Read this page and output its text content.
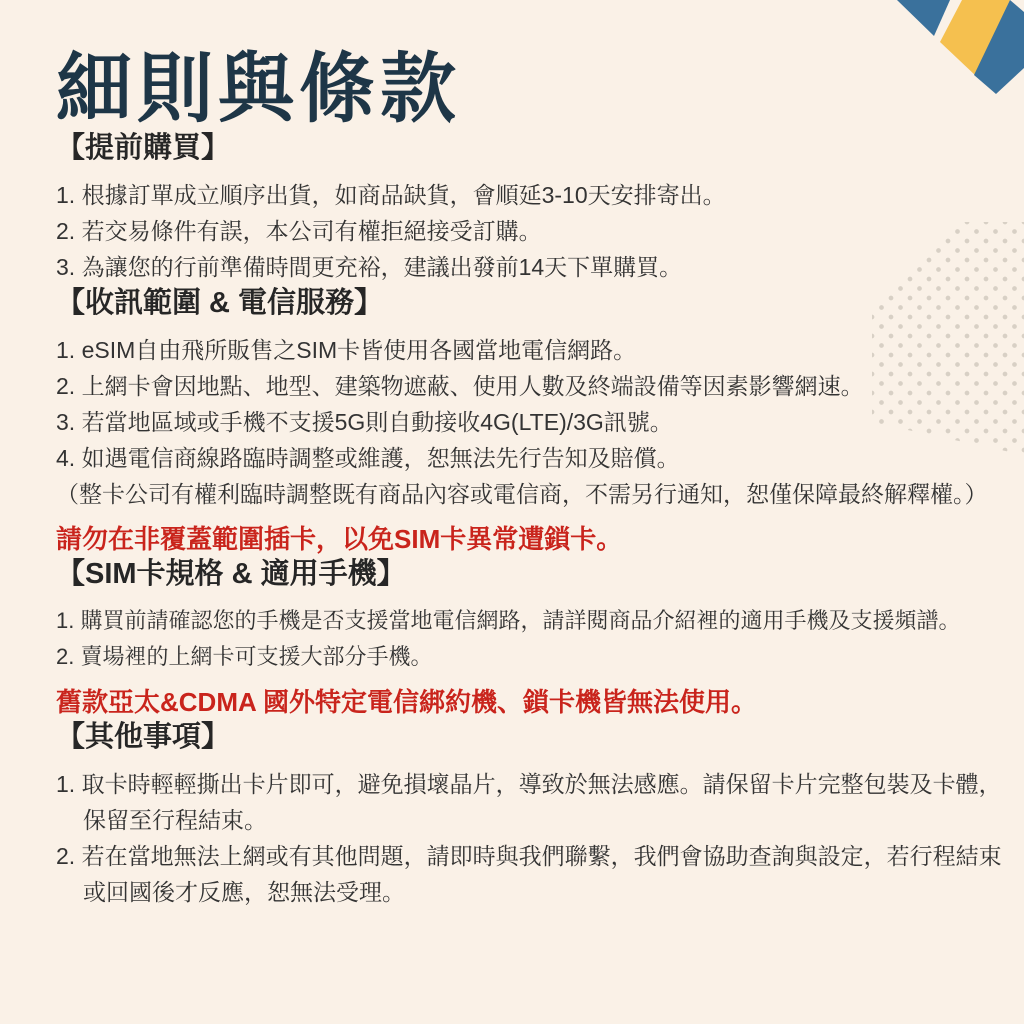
細則與條款
【提前購買】
1. 根據訂單成立順序出貨，如商品缺貨，會順延3-10天安排寄出。
2. 若交易條件有誤，本公司有權拒絕接受訂購。
3. 為讓您的行前準備時間更充裕，建議出發前14天下單購買。
【收訊範圍 & 電信服務】
1. eSIM自由飛所販售之SIM卡皆使用各國當地電信網路。
2. 上網卡會因地點、地型、建築物遮蔽、使用人數及終端設備等因素影響網速。
3. 若當地區域或手機不支援5G則自動接收4G(LTE)/3G訊號。
4. 如遇電信商線路臨時調整或維護，恕無法先行告知及賠償。
（整卡公司有權利臨時調整既有商品內容或電信商，不需另行通知，恕僅保障最終解釋權。）

請勿在非覆蓋範圍插卡，以免SIM卡異常遭鎖卡。

【SIM卡規格 & 適用手機】
1. 購買前請確認您的手機是否支援當地電信網路，請詳閱商品介紹裡的適用手機及支援頻譜。
2. 賣場裡的上網卡可支援大部分手機。

舊款亞太&CDMA 國外特定電信綁約機、鎖卡機皆無法使用。

【其他事項】
1. 取卡時輕輕撕出卡片即可，避免損壞晶片，導致於無法感應。請保留卡片完整包裝及卡體，保留至行程結束。
2. 若在當地無法上網或有其他問題，請即時與我們聯繫，我們會協助查詢與設定，若行程結束或回國後才反應，恕無法受理。
